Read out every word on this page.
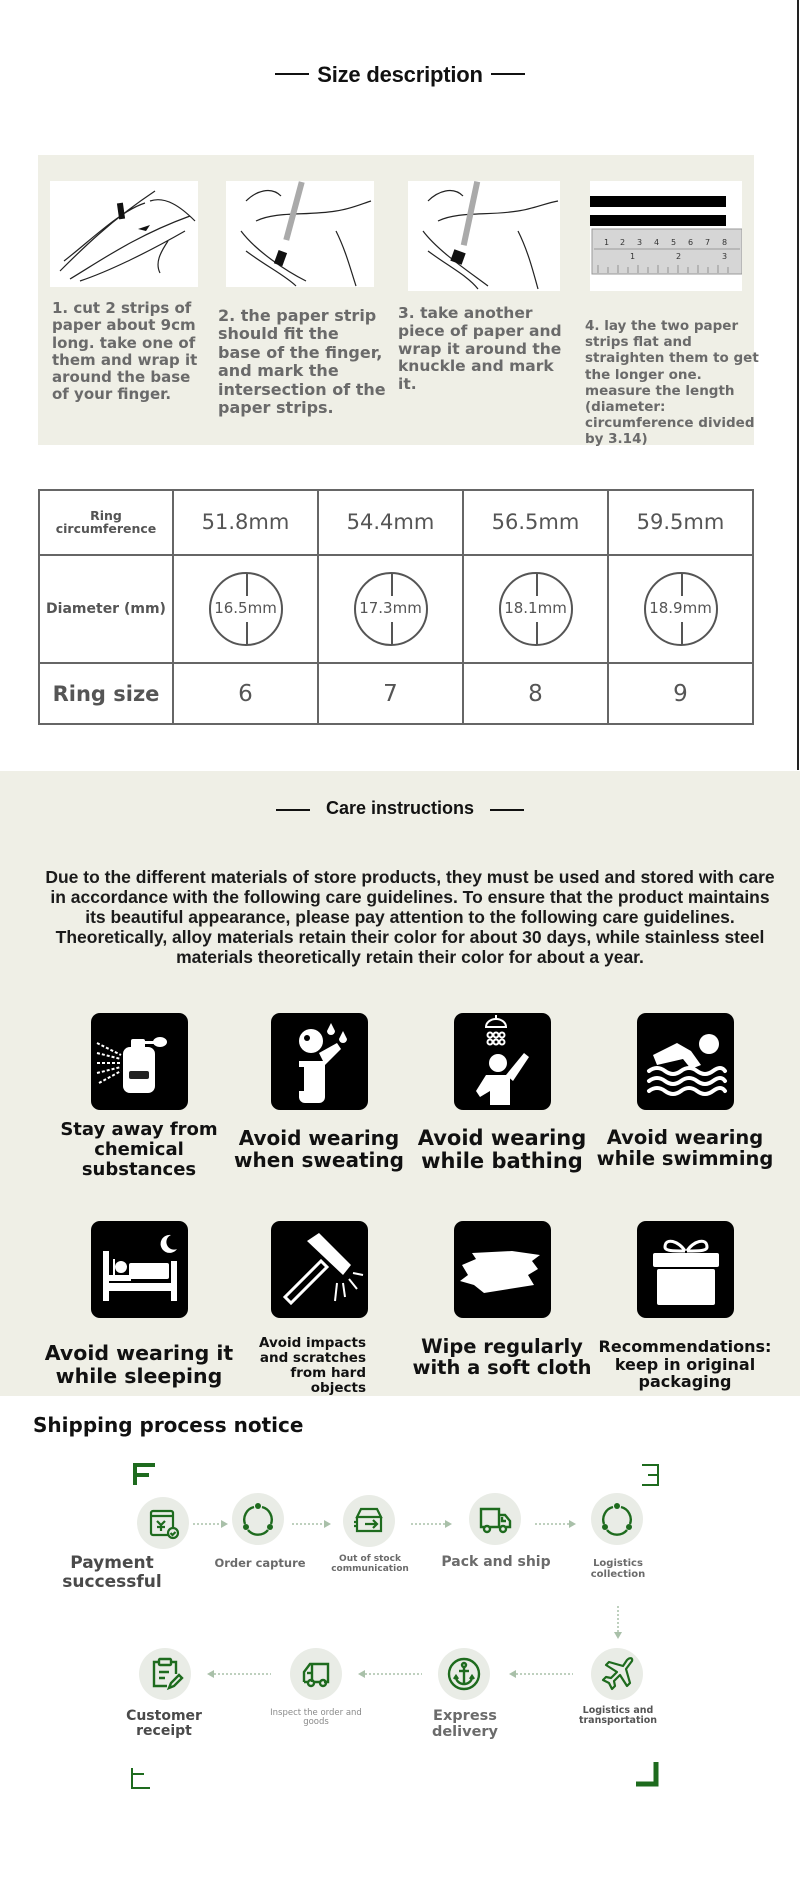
Size description
1. cut 2 strips of paper about 9cm long. take one of them and wrap it around the base of your finger.
2. the paper strip should fit the base of the finger, and mark the intersection of the paper strips.
3. take another piece of paper and wrap it around the knuckle and mark it.
1 2 3 4 5 6 7 8
1	2	3
4. lay the two paper strips flat and straighten them to get the longer one. measure the length (diameter: circumference divided by 3.14)
Ring circumference	51.8mm	54.4mm	56.5mm	59.5mm
Diameter (mm)	16.5mm	17.3mm	18.1mm	18.9mm

Ring size	6	7	8	9
Care instructions
Due to the different materials of store products, they must be used and stored with care in accordance with the following care guidelines. To ensure that the product maintains its beautiful appearance, please pay attention to the following care guidelines. Theoretically, alloy materials retain their color for about 30 days, while stainless steel materials theoretically retain their color for about a year.
Stay away from chemical substances
Avoid wearing when sweating
Avoid wearing while bathing
Avoid wearing while swimming
Avoid wearing it while sleeping
Avoid impacts and scratches from hard objects
Wipe regularly with a soft cloth
Recommendations: keep in original packaging
Shipping process notice
Payment successful
Order capture	Out of stock communication Pack and ship	Logistics collection
Logistics and transportation
Express delivery
Inspect the order and goods
Customer receipt
